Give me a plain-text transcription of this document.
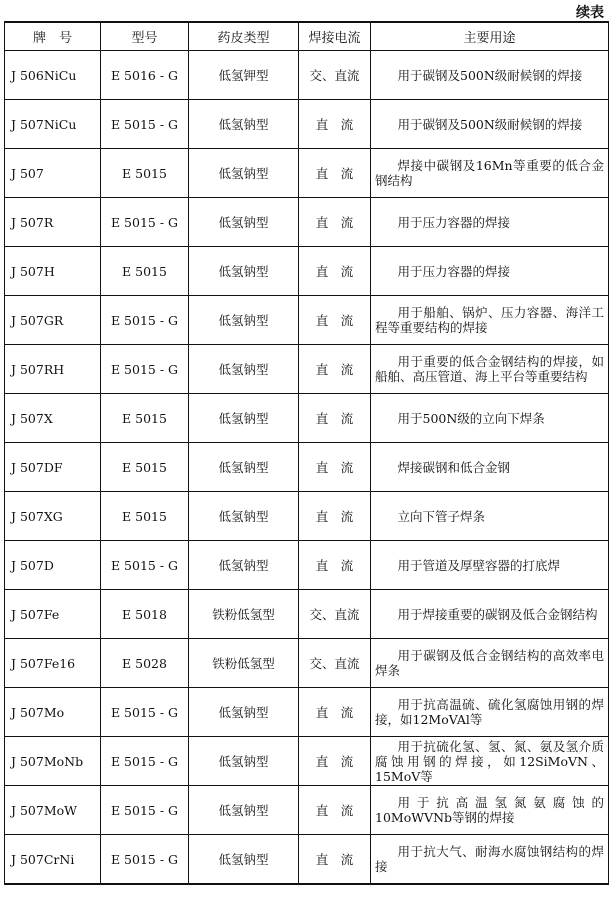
续表
牌　号	型号	药皮类型	焊接电流	主要用途
J 506NiCu	E 5016 - G	低氢钾型	交、直流	用于碳钢及500N级耐候钢的焊接

J 507NiCu	E 5015 - G	低氢钠型	直　流	用于碳钢及500N级耐候钢的焊接

J 507	E 5015	低氢钠型	直　流	焊接中碳钢及16Mn等重要的低合金钢结构

J 507R	E 5015 - G	低氢钠型	直　流	用于压力容器的焊接

J 507H	E 5015	低氢钠型	直　流	用于压力容器的焊接

J 507GR	E 5015 - G	低氢钠型	直　流	用于船舶、锅炉、压力容器、海洋工程等重要结构的焊接

J 507RH	E 5015 - G	低氢钠型	直　流	用于重要的低合金钢结构的焊接，如船舶、高压管道、海上平台等重要结构

J 507X	E 5015	低氢钠型	直　流	用于500N级的立向下焊条

J 507DF	E 5015	低氢钠型	直　流	焊接碳钢和低合金钢

J 507XG	E 5015	低氢钠型	直　流	立向下管子焊条

J 507D	E 5015 - G	低氢钠型	直　流	用于管道及厚壁容器的打底焊

J 507Fe	E 5018	铁粉低氢型	交、直流	用于焊接重要的碳钢及低合金钢结构

J 507Fe16	E 5028	铁粉低氢型	交、直流	用于碳钢及低合金钢结构的高效率电焊条

J 507Mo	E 5015 - G	低氢钠型	直　流	用于抗高温硫、硫化氢腐蚀用钢的焊接，如12MoVAl等

J 507MoNb	E 5015 - G	低氢钠型	直　流	用于抗硫化氢、氢、氮、氨及氢介质腐蚀用钢的焊接，如12SiMoVN、15MoV等

J 507MoW	E 5015 - G	低氢钠型	直　流	用于抗高温氢氮氨腐蚀的10MoWVNb等钢的焊接

J 507CrNi	E 5015 - G	低氢钠型	直　流	用于抗大气、耐海水腐蚀钢结构的焊接
